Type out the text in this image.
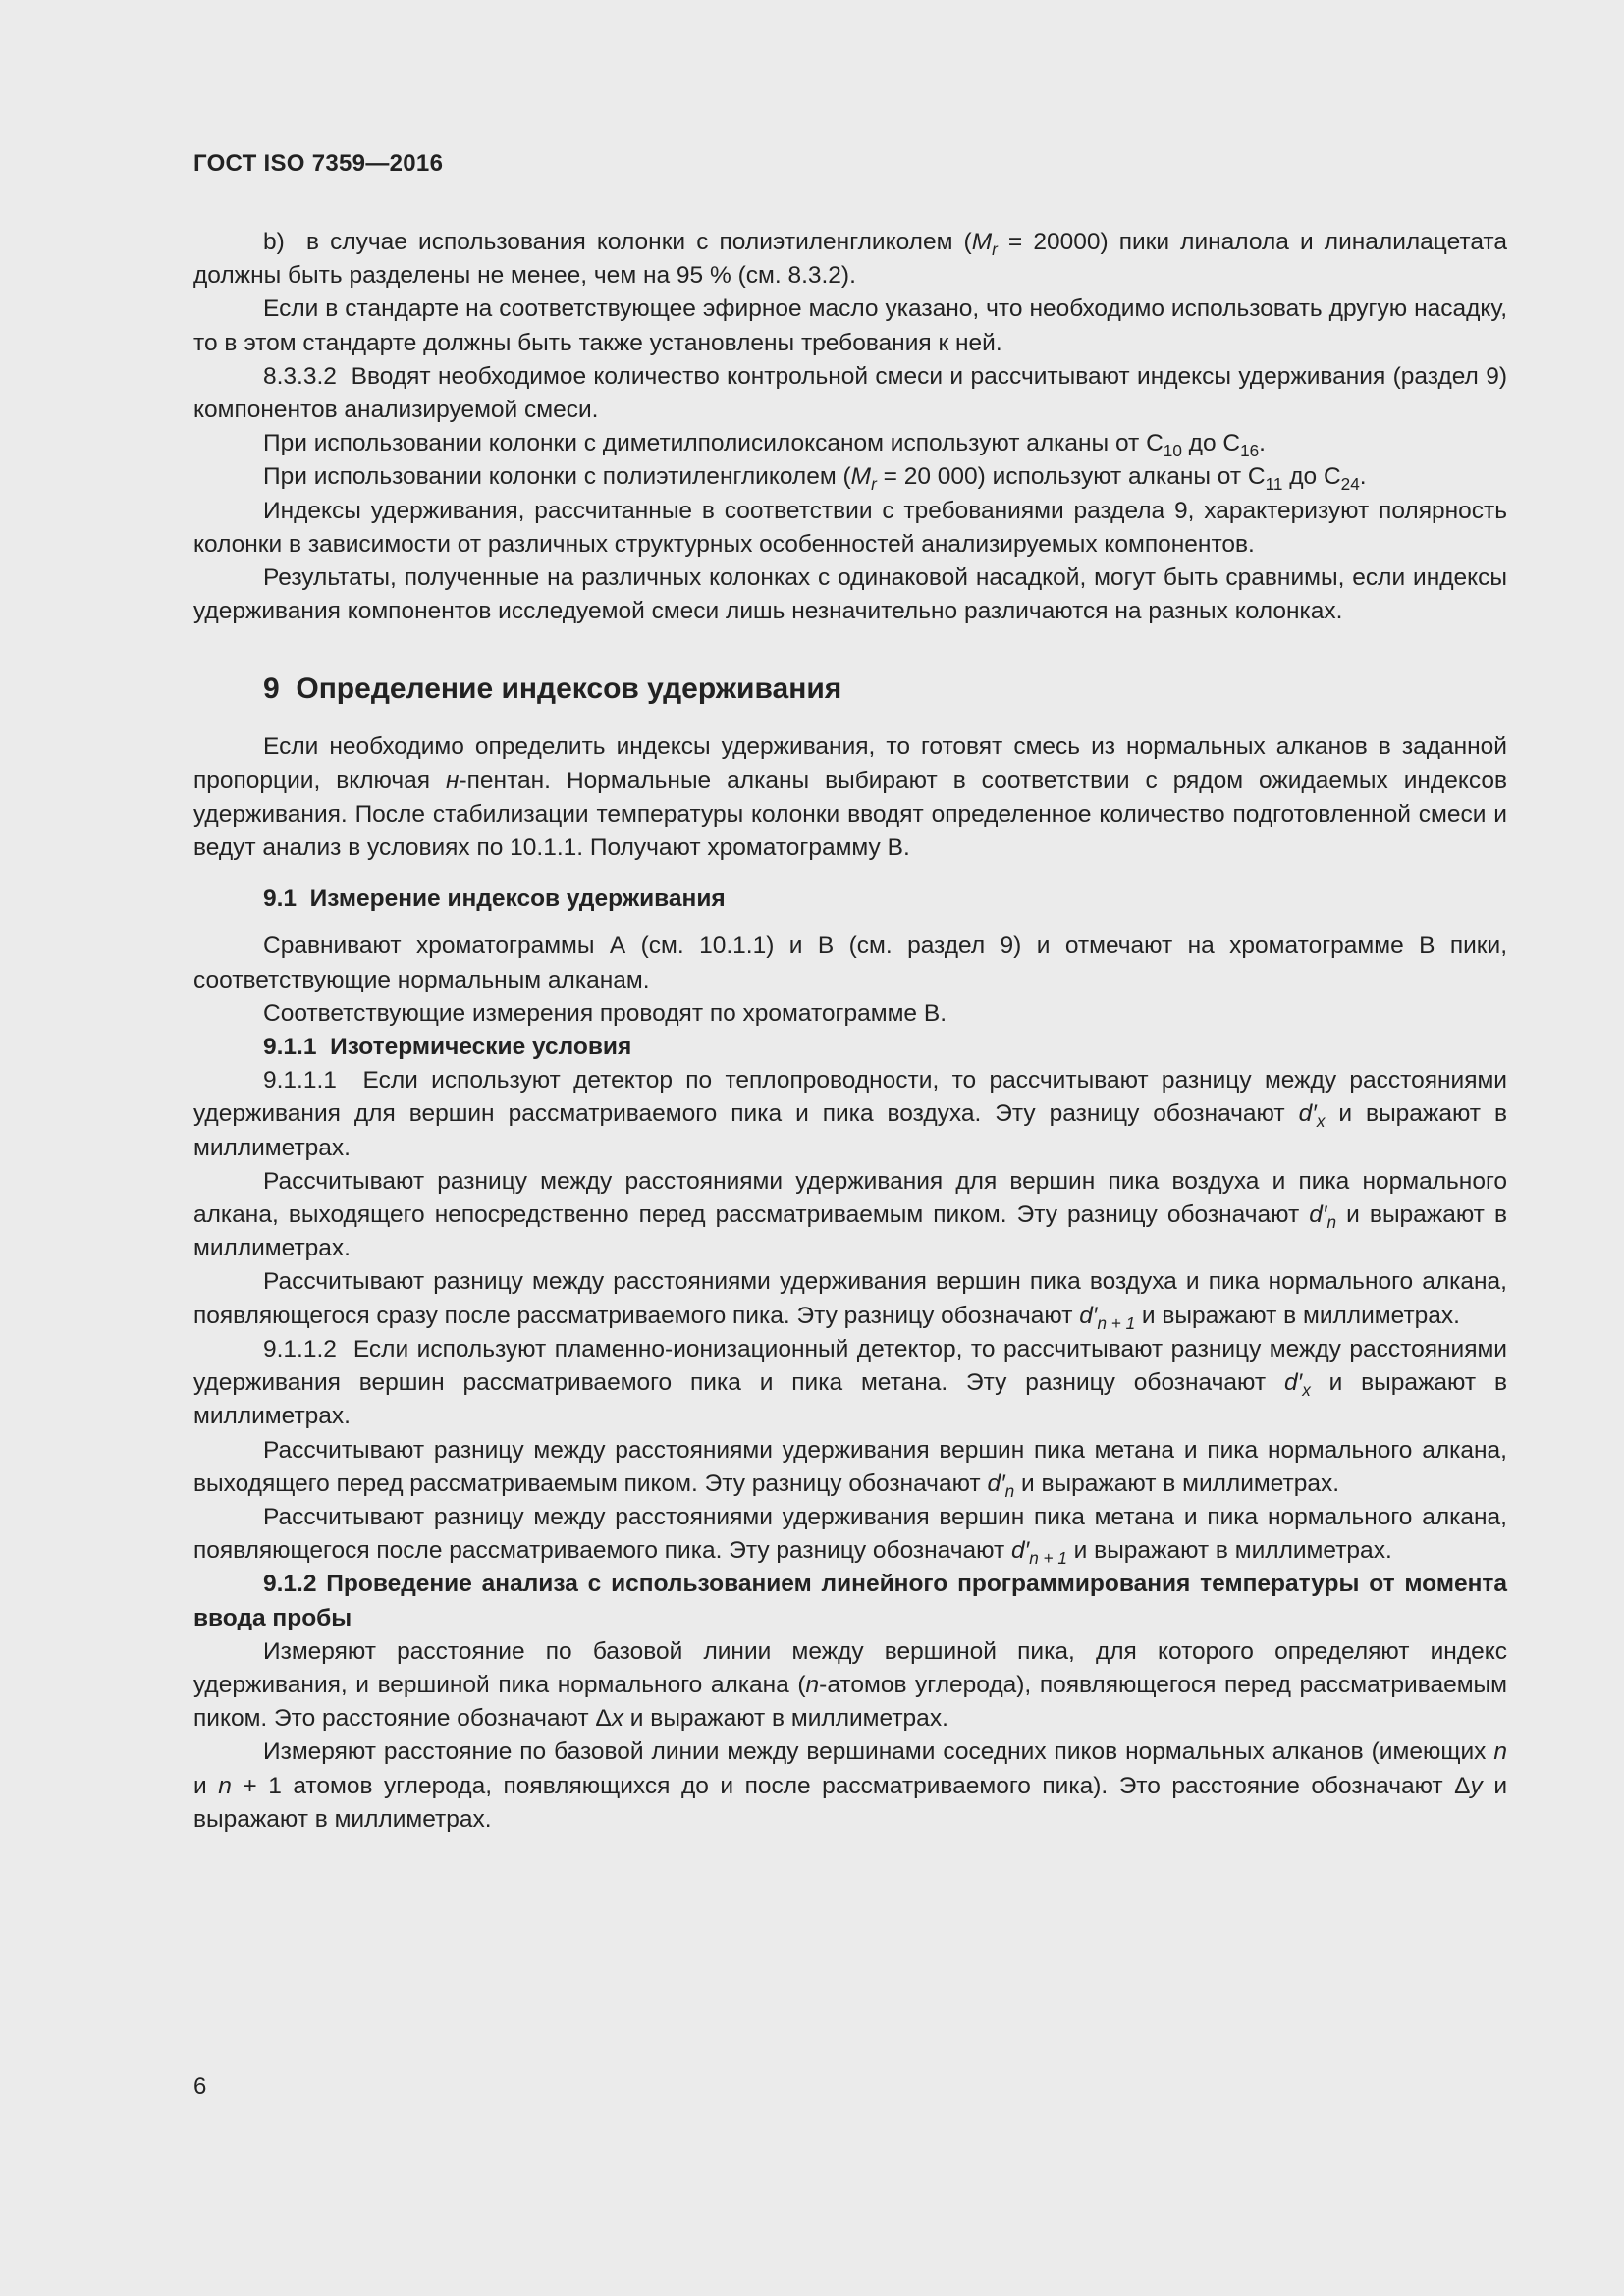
ГОСТ ISO 7359—2016

b)  в случае использования колонки с полиэтиленгликолем $(M_r = 20000)$ пики линалола и линалилацетата должны быть разделены не менее, чем на 95 % (см. 8.3.2).

Если в стандарте на соответствующее эфирное масло указано, что необходимо использовать другую насадку, то в этом стандарте должны быть также установлены требования к ней.

8.3.3.2  Вводят необходимое количество контрольной смеси и рассчитывают индексы удерживания (раздел 9) компонентов анализируемой смеси.

При использовании колонки с диметилполисилоксаном используют алканы от $C_{10}$ до $C_{16}$.

При использовании колонки с полиэтиленгликолем ($M_r = 20$ 000) используют алканы от $C_{11}$ до $C_{24}$.

Индексы удерживания, рассчитанные в соответствии с требованиями раздела 9, характеризуют полярность колонки в зависимости от различных структурных особенностей анализируемых компонентов.

Результаты, полученные на различных колонках с одинаковой насадкой, могут быть сравнимы, если индексы удерживания компонентов исследуемой смеси лишь незначительно различаются на разных колонках.

9  Определение индексов удерживания

Если необходимо определить индексы удерживания, то готовят смесь из нормальных алканов в заданной пропорции, включая н-пентан. Нормальные алканы выбирают в соответствии с рядом ожидаемых индексов удерживания. После стабилизации температуры колонки вводят определенное количество подготовленной смеси и ведут анализ в условиях по 10.1.1. Получают хроматограмму В.

9.1  Измерение индексов удерживания

Сравнивают хроматограммы А (см. 10.1.1) и В (см. раздел 9) и отмечают на хроматограмме В пики, соответствующие нормальным алканам.

Соответствующие измерения проводят по хроматограмме В.

9.1.1  Изотермические условия

9.1.1.1  Если используют детектор по теплопроводности, то рассчитывают разницу между расстояниями удерживания для вершин рассматриваемого пика и пика воздуха. Эту разницу обозначают $d'_x$ и выражают в миллиметрах.

Рассчитывают разницу между расстояниями удерживания для вершин пика воздуха и пика нормального алкана, выходящего непосредственно перед рассматриваемым пиком. Эту разницу обозначают $d'_n$ и выражают в миллиметрах.

Рассчитывают разницу между расстояниями удерживания вершин пика воздуха и пика нормального алкана, появляющегося сразу после рассматриваемого пика. Эту разницу обозначают $d'_{n + 1}$ и выражают в миллиметрах.

9.1.1.2  Если используют пламенно-ионизационный детектор, то рассчитывают разницу между расстояниями удерживания вершин рассматриваемого пика и пика метана. Эту разницу обозначают $d'_x$ и выражают в миллиметрах.

Рассчитывают разницу между расстояниями удерживания вершин пика метана и пика нормального алкана, выходящего перед рассматриваемым пиком. Эту разницу обозначают $d'_n$ и выражают в миллиметрах.

Рассчитывают разницу между расстояниями удерживания вершин пика метана и пика нормального алкана, появляющегося после рассматриваемого пика. Эту разницу обозначают $d'_{n + 1}$ и выражают в миллиметрах.

9.1.2 Проведение анализа с использованием линейного программирования температуры от момента ввода пробы

Измеряют расстояние по базовой линии между вершиной пика, для которого определяют индекс удерживания, и вершиной пика нормального алкана (n-атомов углерода), появляющегося перед рассматриваемым пиком. Это расстояние обозначают Δx и выражают в миллиметрах.

Измеряют расстояние по базовой линии между вершинами соседних пиков нормальных алканов (имеющих n и n + 1 атомов углерода, появляющихся до и после рассматриваемого пика). Это расстояние обозначают Δy и выражают в миллиметрах.

6
